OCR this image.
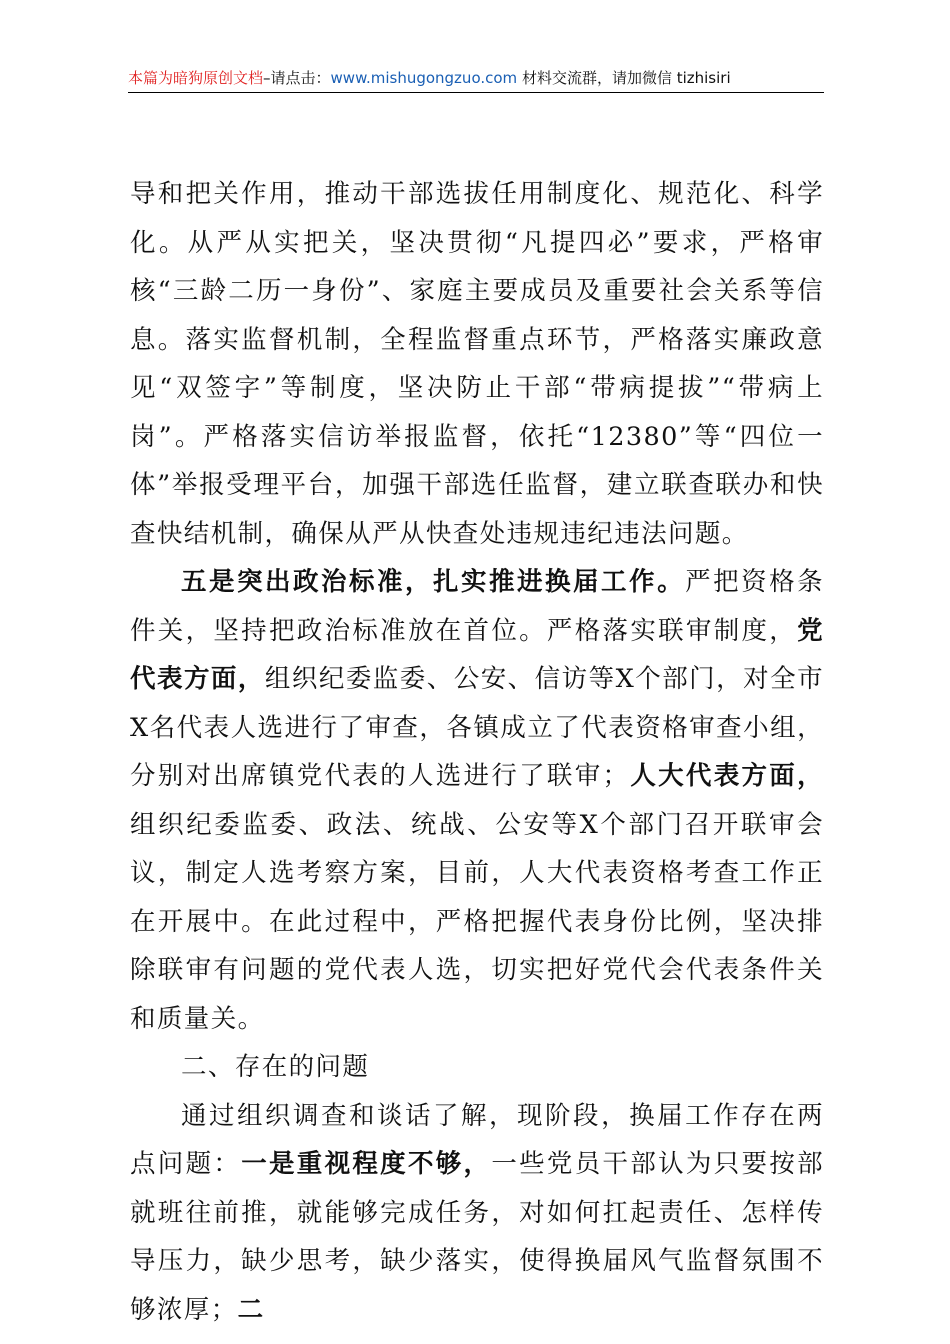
本篇为暗狗原创文档–请点击：www.mishugongzuo.com 材料交流群，请加微信 tizhisiri

导和把关作用，推动干部选拔任用制度化、规范化、科学化。从严从实把关，坚决贯彻“凡提四必”要求，严格审核“三龄二历一身份”、家庭主要成员及重要社会关系等信息。落实监督机制，全程监督重点环节，严格落实廉政意见“双签字”等制度，坚决防止干部“带病提拔”“带病上岗”。严格落实信访举报监督，依托“12380”等“四位一体”举报受理平台，加强干部选任监督，建立联查联办和快查快结机制，确保从严从快查处违规违纪违法问题。

五是突出政治标准，扎实推进换届工作。严把资格条件关，坚持把政治标准放在首位。严格落实联审制度，党代表方面，组织纪委监委、公安、信访等X个部门，对全市X名代表人选进行了审查，各镇成立了代表资格审查小组，分别对出席镇党代表的人选进行了联审；人大代表方面，组织纪委监委、政法、统战、公安等X个部门召开联审会议，制定人选考察方案，目前，人大代表资格考查工作正在开展中。在此过程中，严格把握代表身份比例，坚决排除联审有问题的党代表人选，切实把好党代会代表条件关和质量关。

二、存在的问题

通过组织调查和谈话了解，现阶段，换届工作存在两点问题：一是重视程度不够，一些党员干部认为只要按部就班往前推，就能够完成任务，对如何扛起责任、怎样传导压力，缺少思考，缺少落实，使得换届风气监督氛围不够浓厚；二
